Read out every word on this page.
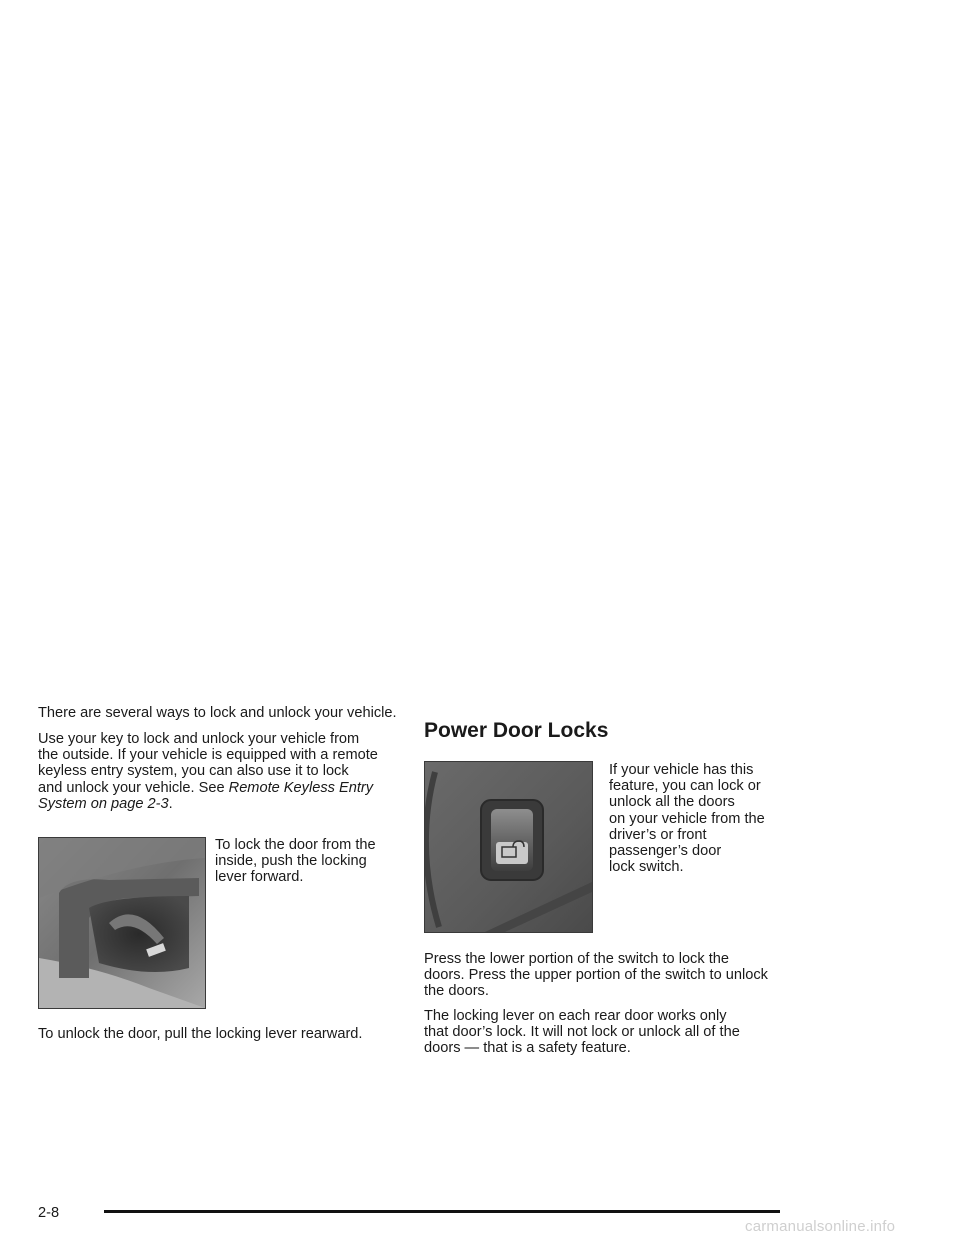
There are several ways to lock and unlock your vehicle.
Use your key to lock and unlock your vehicle from
the outside. If your vehicle is equipped with a remote
keyless entry system, you can also use it to lock
and unlock your vehicle. See Remote Keyless Entry
System on page 2-3.
To lock the door from the
inside, push the locking
lever forward.
To unlock the door, pull the locking lever rearward.
Power Door Locks
If your vehicle has this
feature, you can lock or
unlock all the doors
on your vehicle from the
driver’s or front
passenger’s door
lock switch.
Press the lower portion of the switch to lock the
doors. Press the upper portion of the switch to unlock
the doors.
The locking lever on each rear door works only
that door’s lock. It will not lock or unlock all of the
doors — that is a safety feature.
2-8
carmanualsonline.info
